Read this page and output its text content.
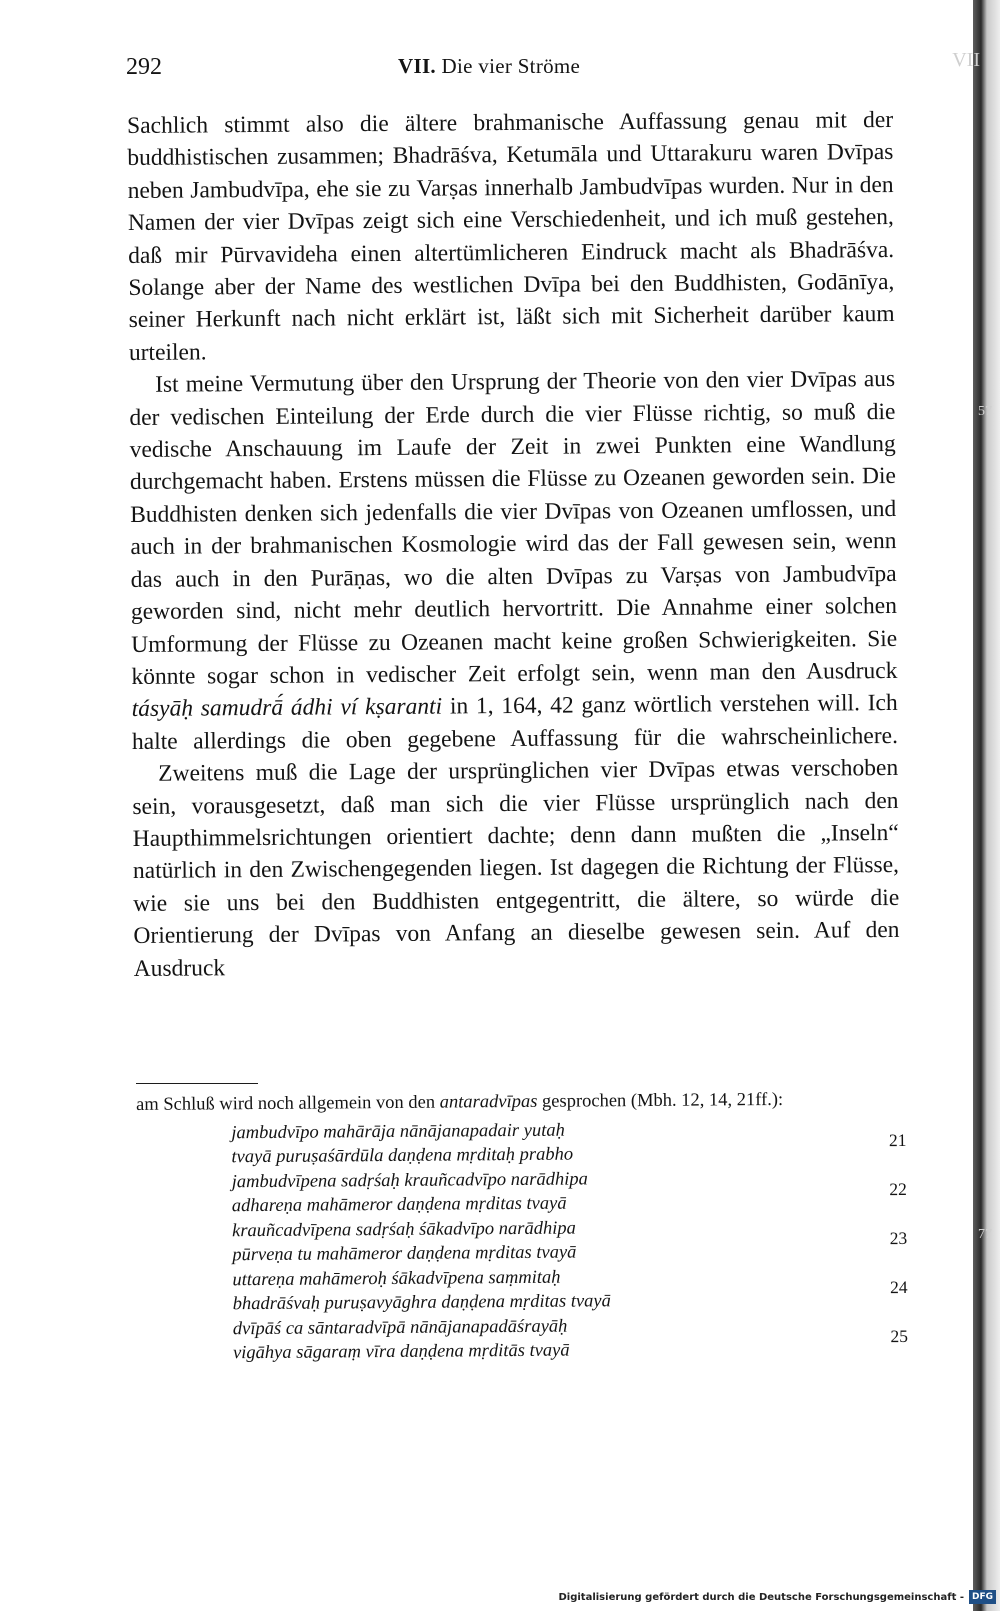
VII
57
77
292	VII. Die vier Ströme

Sachlich stimmt also die ältere brahmanische Auffassung genau mit der buddhistischen zusammen; Bhadrāśva, Ketumāla und Uttarakuru waren Dvīpas neben Jambudvīpa, ehe sie zu Varṣas innerhalb Jambudvīpas wurden. Nur in den Namen der vier Dvīpas zeigt sich eine Verschiedenheit, und ich muß gestehen, daß mir Pūrvavideha einen altertümlicheren Eindruck macht als Bhadrāśva. Solange aber der Name des westlichen Dvīpa bei den Buddhisten, Godānīya, seiner Herkunft nach nicht erklärt ist, läßt sich mit Sicherheit darüber kaum urteilen.

Ist meine Vermutung über den Ursprung der Theorie von den vier Dvīpas aus der vedischen Einteilung der Erde durch die vier Flüsse richtig, so muß die vedische Anschauung im Laufe der Zeit in zwei Punkten eine Wandlung durchgemacht haben. Erstens müssen die Flüsse zu Ozeanen geworden sein. Die Buddhisten denken sich jedenfalls die vier Dvīpas von Ozeanen umflossen, und auch in der brahmanischen Kosmologie wird das der Fall gewesen sein, wenn das auch in den Purāṇas, wo die alten Dvīpas zu Varṣas von Jambudvīpa geworden sind, nicht mehr deutlich hervortritt. Die Annahme einer solchen Umformung der Flüsse zu Ozeanen macht keine großen Schwierigkeiten. Sie könnte sogar schon in vedischer Zeit erfolgt sein, wenn man den Ausdruck tásyāḥ samudrā́ ádhi ví kṣaranti in 1, 164, 42 ganz wörtlich verstehen will. Ich halte allerdings die oben gegebene Auffassung für die wahrscheinlichere.

Zweitens muß die Lage der ursprünglichen vier Dvīpas etwas verschoben sein, vorausgesetzt, daß man sich die vier Flüsse ursprünglich nach den Haupthimmelsrichtungen orientiert dachte; denn dann mußten die „Inseln“ natürlich in den Zwischengegenden liegen. Ist dagegen die Richtung der Flüsse, wie sie uns bei den Buddhisten entgegentritt, die ältere, so würde die Orientierung der Dvīpas von Anfang an dieselbe gewesen sein. Auf den Ausdruck

am Schluß wird noch allgemein von den antaradvīpas gesprochen (Mbh. 12, 14, 21ff.):

jambudvīpo mahārāja nānājanapadair yutaḥ
tvayā puruṣaśārdūla daṇḍena mṛditaḥ prabho
21
jambudvīpena sadṛśaḥ krauñcadvīpo narādhipa
adhareṇa mahāmeror daṇḍena mṛditas tvayā
22
krauñcadvīpena sadṛśaḥ śākadvīpo narādhipa
pūrveṇa tu mahāmeror daṇḍena mṛditas tvayā
23
uttareṇa mahāmeroḥ śākadvīpena saṃmitaḥ
bhadrāśvaḥ puruṣavyāghra daṇḍena mṛditas tvayā
24
dvīpāś ca sāntaradvīpā nānājanapadāśrayāḥ
vigāhya sāgaraṃ vīra daṇḍena mṛditās tvayā
25
Digitalisierung gefördert durch die Deutsche Forschungsgemeinschaft - DFG
